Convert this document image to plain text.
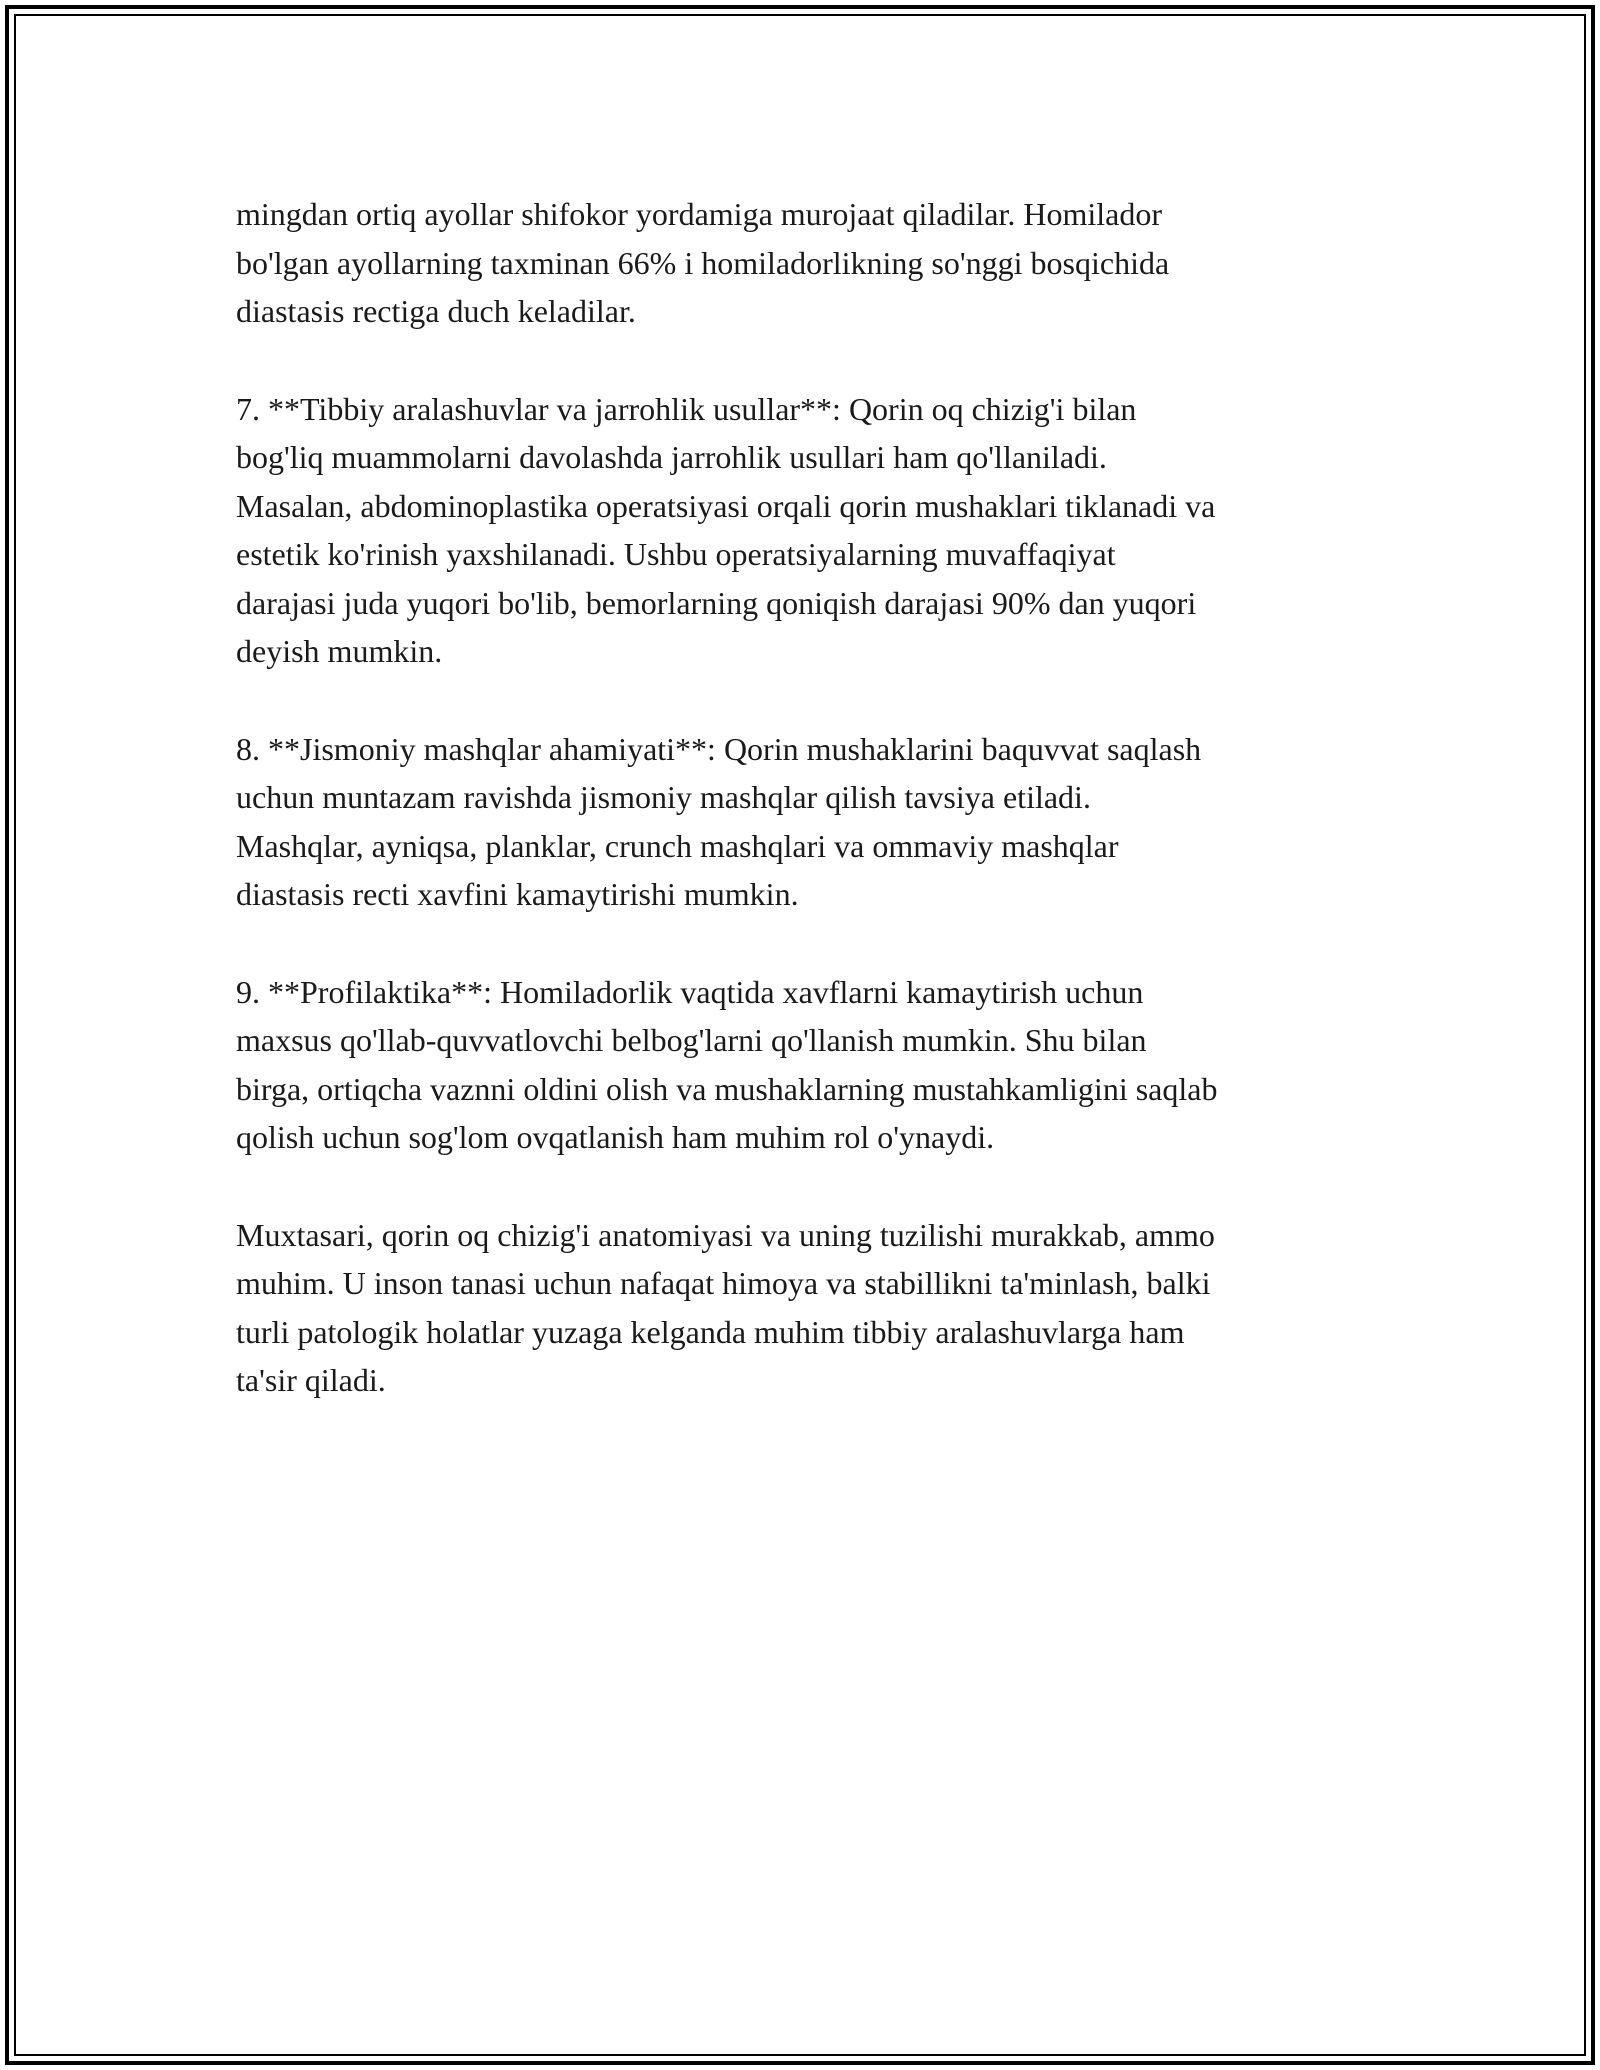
mingdan ortiq ayollar shifokor yordamiga murojaat qiladilar. Homilador
bo'lgan ayollarning taxminan 66% i homiladorlikning so'nggi bosqichida
diastasis rectiga duch keladilar.

7. **Tibbiy aralashuvlar va jarrohlik usullar**: Qorin oq chizig'i bilan
bog'liq muammolarni davolashda jarrohlik usullari ham qo'llaniladi.
Masalan, abdominoplastika operatsiyasi orqali qorin mushaklari tiklanadi va
estetik ko'rinish yaxshilanadi. Ushbu operatsiyalarning muvaffaqiyat
darajasi juda yuqori bo'lib, bemorlarning qoniqish darajasi 90% dan yuqori
deyish mumkin.

8. **Jismoniy mashqlar ahamiyati**: Qorin mushaklarini baquvvat saqlash
uchun muntazam ravishda jismoniy mashqlar qilish tavsiya etiladi.
Mashqlar, ayniqsa, planklar, crunch mashqlari va ommaviy mashqlar
diastasis recti xavfini kamaytirishi mumkin.

9. **Profilaktika**: Homiladorlik vaqtida xavflarni kamaytirish uchun
maxsus qo'llab-quvvatlovchi belbog'larni qo'llanish mumkin. Shu bilan
birga, ortiqcha vaznni oldini olish va mushaklarning mustahkamligini saqlab
qolish uchun sog'lom ovqatlanish ham muhim rol o'ynaydi.

Muxtasari, qorin oq chizig'i anatomiyasi va uning tuzilishi murakkab, ammo
muhim. U inson tanasi uchun nafaqat himoya va stabillikni ta'minlash, balki
turli patologik holatlar yuzaga kelganda muhim tibbiy aralashuvlarga ham
ta'sir qiladi.
